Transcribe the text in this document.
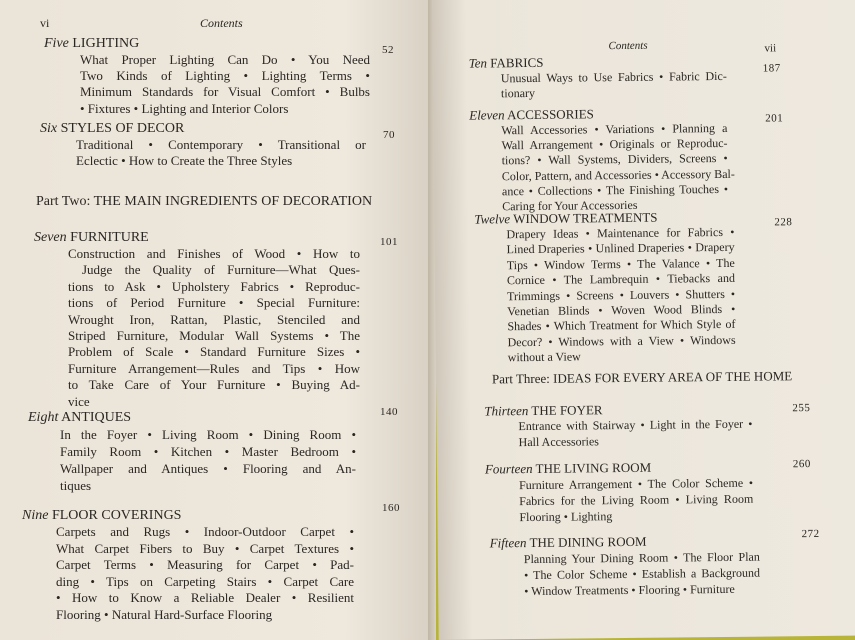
vi	Contents
Five LIGHTING
What Proper Lighting Can Do • You Need
Two Kinds of Lighting • Lighting Terms •
Minimum Standards for Visual Comfort • Bulbs
• Fixtures • Lighting and Interior Colors
52
Six STYLES OF DECOR
Traditional • Contemporary • Transitional or
Eclectic • How to Create the Three Styles
70
Part Two: THE MAIN INGREDIENTS OF DECORATION
Seven FURNITURE
Construction and Finishes of Wood • How to
Judge the Quality of Furniture—What Ques-
tions to Ask • Upholstery Fabrics • Reproduc-
tions of Period Furniture • Special Furniture:
Wrought Iron, Rattan, Plastic, Stenciled and
Striped Furniture, Modular Wall Systems • The
Problem of Scale • Standard Furniture Sizes •
Furniture Arrangement—Rules and Tips • How
to Take Care of Your Furniture • Buying Ad-
vice
101
Eight ANTIQUES
In the Foyer • Living Room • Dining Room •
Family Room • Kitchen • Master Bedroom •
Wallpaper and Antiques • Flooring and An-
tiques
140
Nine FLOOR COVERINGS
Carpets and Rugs • Indoor-Outdoor Carpet •
What Carpet Fibers to Buy • Carpet Textures •
Carpet Terms • Measuring for Carpet • Pad-
ding • Tips on Carpeting Stairs • Carpet Care
• How to Know a Reliable Dealer • Resilient
Flooring • Natural Hard-Surface Flooring
160
Contents	vii
Ten FABRICS
Unusual Ways to Use Fabrics • Fabric Dic-
tionary
187
Eleven ACCESSORIES
Wall Accessories • Variations • Planning a
Wall Arrangement • Originals or Reproduc-
tions? • Wall Systems, Dividers, Screens •
Color, Pattern, and Accessories • Accessory Bal-
ance • Collections • The Finishing Touches •
Caring for Your Accessories
201
Twelve WINDOW TREATMENTS
Drapery Ideas • Maintenance for Fabrics •
Lined Draperies • Unlined Draperies • Drapery
Tips • Window Terms • The Valance • The
Cornice • The Lambrequin • Tiebacks and
Trimmings • Screens • Louvers • Shutters •
Venetian Blinds • Woven Wood Blinds •
Shades • Which Treatment for Which Style of
Decor? • Windows with a View • Windows
without a View
228
Part Three: IDEAS FOR EVERY AREA OF THE HOME
Thirteen THE FOYER
Entrance with Stairway • Light in the Foyer •
Hall Accessories
255
Fourteen THE LIVING ROOM
Furniture Arrangement • The Color Scheme •
Fabrics for the Living Room • Living Room
Flooring • Lighting
260
Fifteen THE DINING ROOM
Planning Your Dining Room • The Floor Plan
• The Color Scheme • Establish a Background
• Window Treatments • Flooring • Furniture
272
